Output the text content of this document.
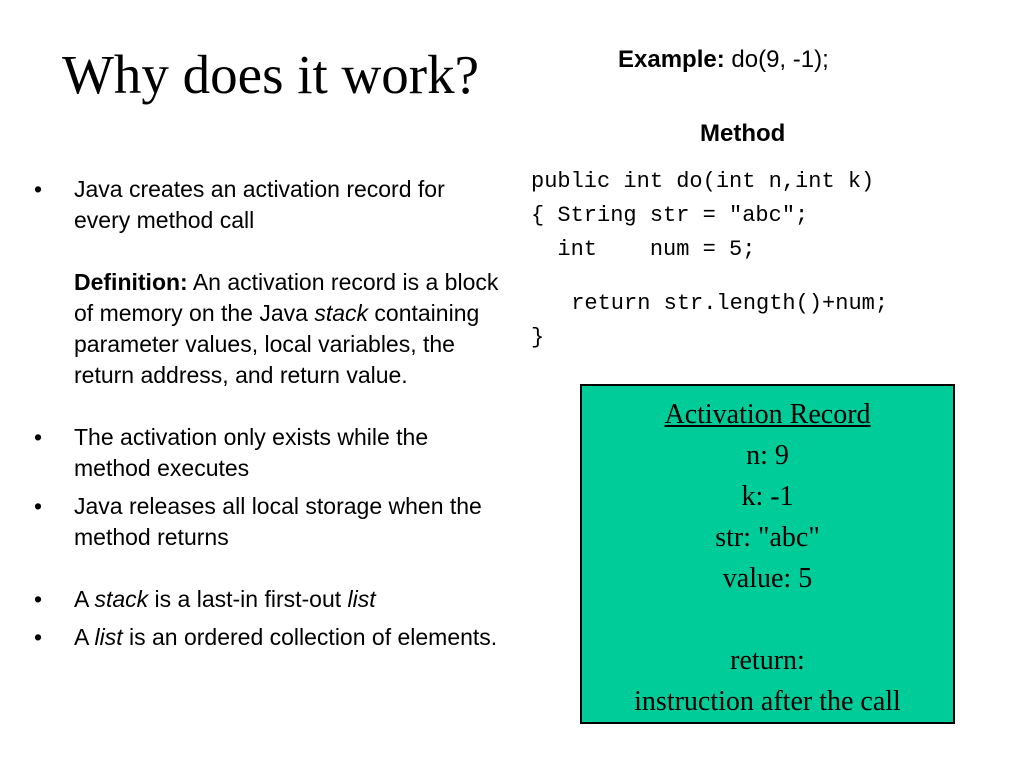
Why does it work?	Example: do(9, -1);
Method
public int do(int n,int k)
{ String str = "abc";
int    num = 5;
return str.length()+num;
}
• Java creates an activation record for every method call
Definition: An activation record is a block of memory on the Java stack containing parameter values, local variables, the return address, and return value.
• The activation only exists while the method executes
• Java releases all local storage when the method returns
• A stack is a last-in first-out list
• A list is an ordered collection of elements.
Activation Record
n: 9
k: -1
str: "abc"
value: 5
return:
instruction after the call
